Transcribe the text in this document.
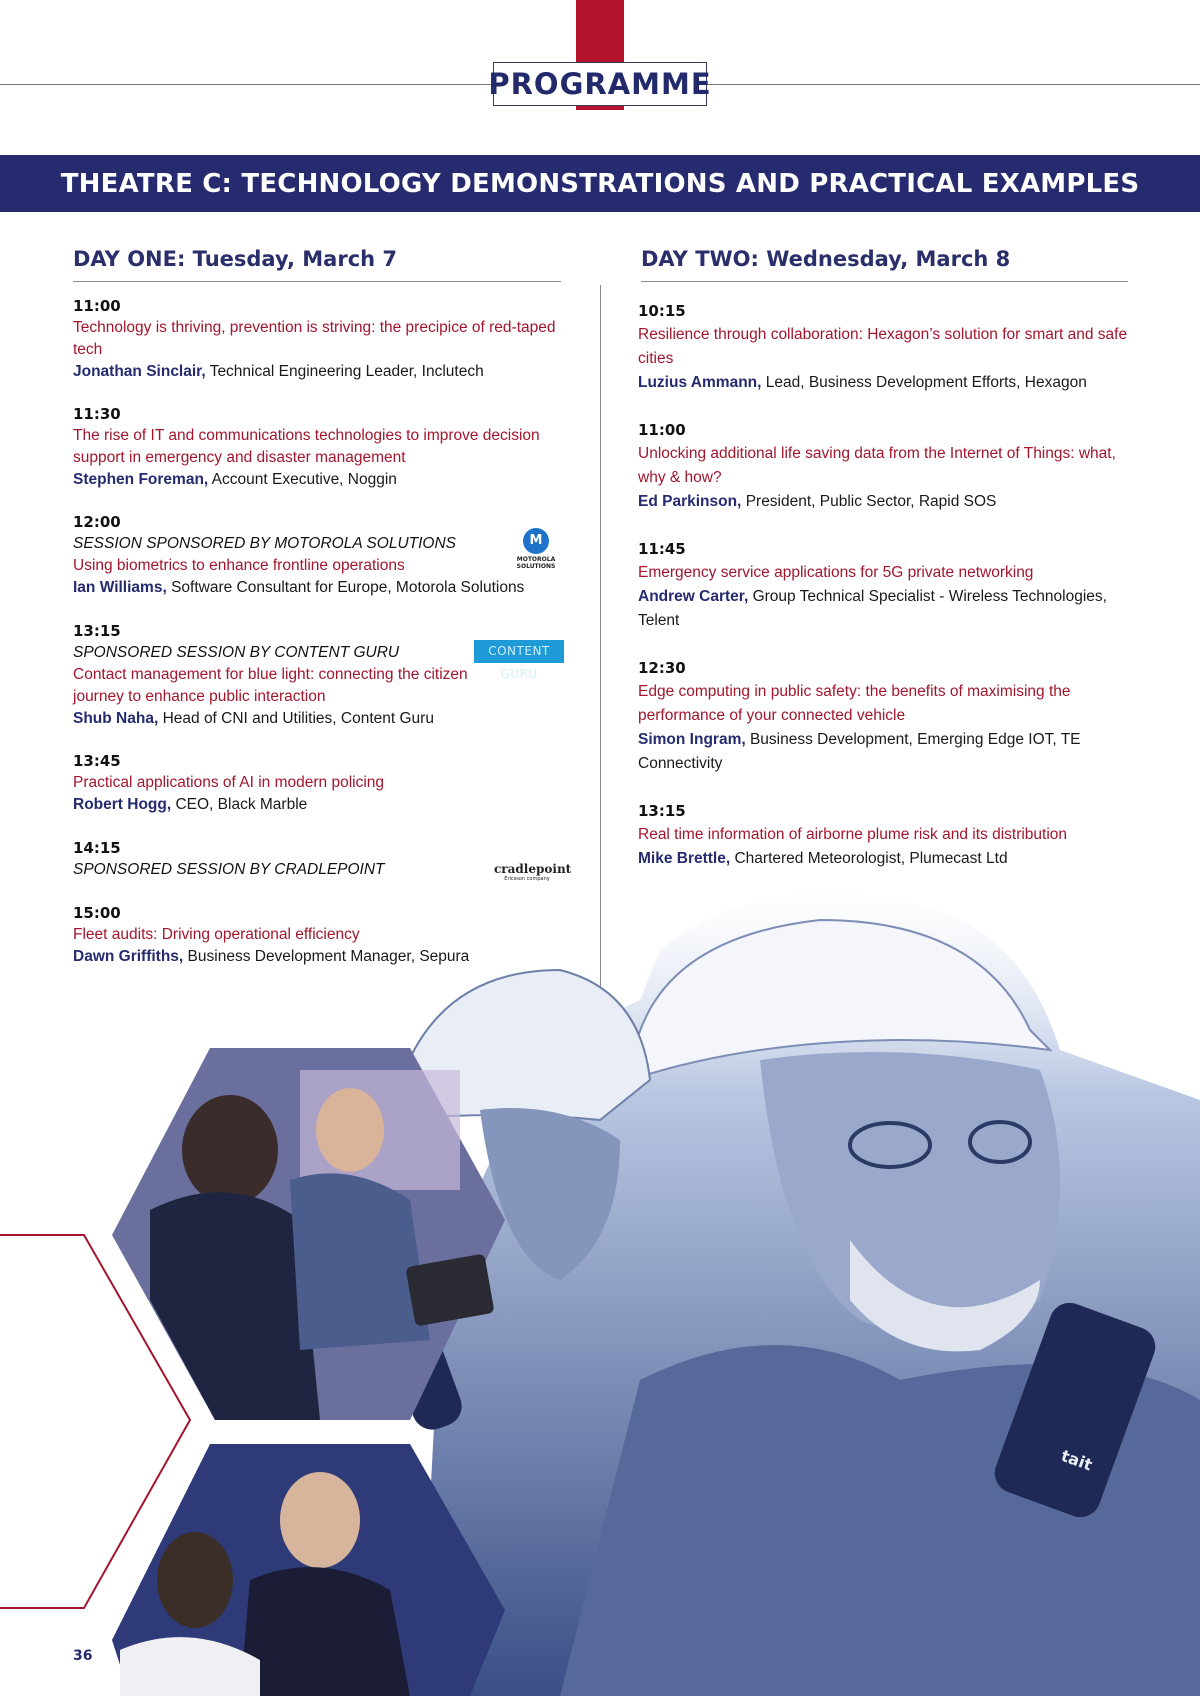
PROGRAMME
THEATRE C: TECHNOLOGY DEMONSTRATIONS AND PRACTICAL EXAMPLES
DAY ONE: Tuesday, March 7	DAY TWO: Wednesday, March 8
11:00
Technology is thriving, prevention is striving: the precipice of red-taped tech
Jonathan Sinclair, Technical Engineering Leader, Inclutech
11:30
The rise of IT and communications technologies to improve decision support in emergency and disaster management
Stephen Foreman, Account Executive, Noggin
12:00
SESSION SPONSORED BY MOTOROLA SOLUTIONS
Using biometrics to enhance frontline operations
Ian Williams, Software Consultant for Europe, Motorola Solutions
13:15
SPONSORED SESSION BY CONTENT GURU
Contact management for blue light: connecting the citizen journey to enhance public interaction
Shub Naha, Head of CNI and Utilities, Content Guru
13:45
Practical applications of AI in modern policing
Robert Hogg, CEO, Black Marble
14:15
SPONSORED SESSION BY CRADLEPOINT
15:00
Fleet audits: Driving operational efficiency
Dawn Griffiths, Business Development Manager, Sepura
M
MOTOROLA SOLUTIONS
CONTENT GURU
cradlepoint
Ericsson company
10:15
Resilience through collaboration: Hexagon’s solution for smart and safe cities
Luzius Ammann, Lead, Business Development Efforts, Hexagon
11:00
Unlocking additional life saving data from the Internet of Things: what, why & how?
Ed Parkinson, President, Public Sector, Rapid SOS
11:45
Emergency service applications for 5G private networking
Andrew Carter, Group Technical Specialist - Wireless Technologies, Telent
12:30
Edge computing in public safety: the benefits of maximising the performance of your connected vehicle
Simon Ingram, Business Development, Emerging Edge IOT, TE Connectivity
13:15
Real time information of airborne plume risk and its distribution
Mike Brettle, Chartered Meteorologist, Plumecast Ltd
tait
36
